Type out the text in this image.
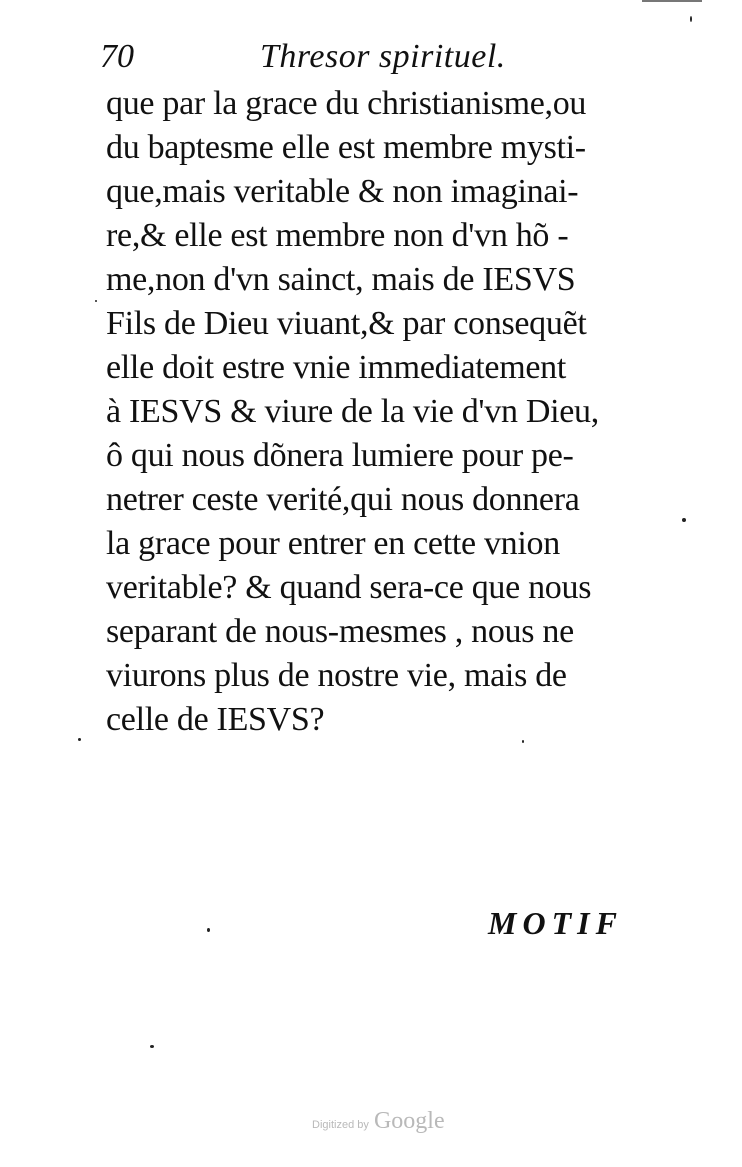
70	Thresor spirituel.
que par la grace du christianisme,ou
du baptesme elle est membre mysti-
que,mais veritable & non imaginai-
re,& elle est membre non d'vn hõ -
me,non d'vn sainct, mais de IESVS
Fils de Dieu viuant,& par consequẽt
elle doit estre vnie immediatement
à IESVS & viure de la vie d'vn Dieu,
ô qui nous dõnera lumiere pour pe-
netrer ceste verité,qui nous donnera
la grace pour entrer en cette vnion
veritable? & quand sera-ce que nous
separant de nous-mesmes , nous ne
viurons plus de nostre vie, mais de
celle de IESVS?
MOTIF
Digitized by Google
